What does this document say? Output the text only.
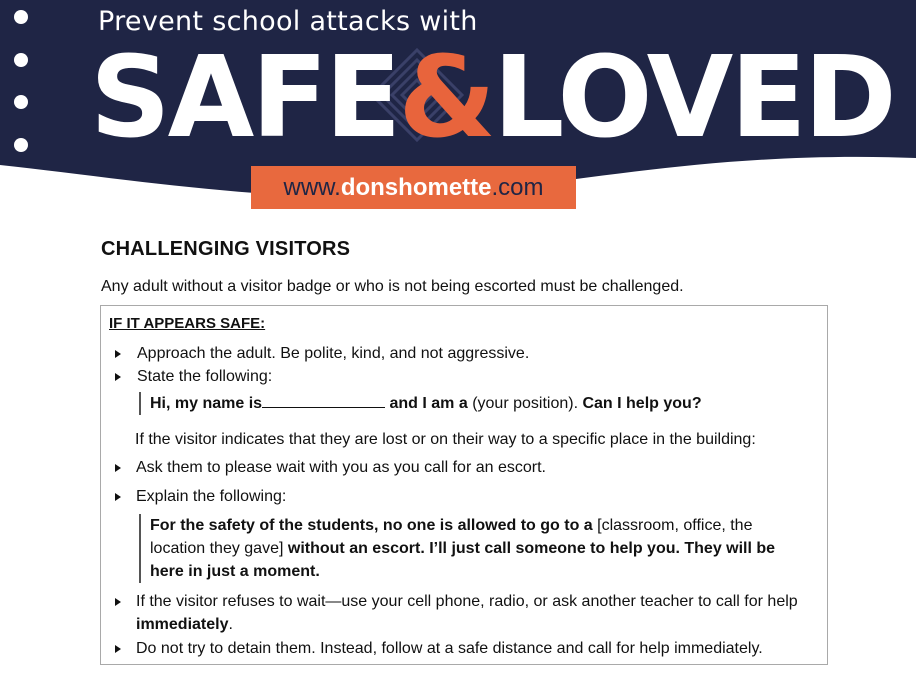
Prevent school attacks with
SAFE&LOVED
www. donshomette .com
CHALLENGING VISITORS
Any adult without a visitor badge or who is not being escorted must be challenged.
IF IT APPEARS SAFE:
Approach the adult. Be polite, kind, and not aggressive.
State the following:
Hi, my name is	and I am a (your position). Can I help you?
If the visitor indicates that they are lost or on their way to a specific place in the building:
Ask them to please wait with you as you call for an escort.
Explain the following:
For the safety of the students, no one is allowed to go to a [classroom, office, the location they gave] without an escort. I’ll just call someone to help you. They will be here in just a moment.
If the visitor refuses to wait—use your cell phone, radio, or ask another teacher to call for help immediately.
Do not try to detain them. Instead, follow at a safe distance and call for help immediately.
